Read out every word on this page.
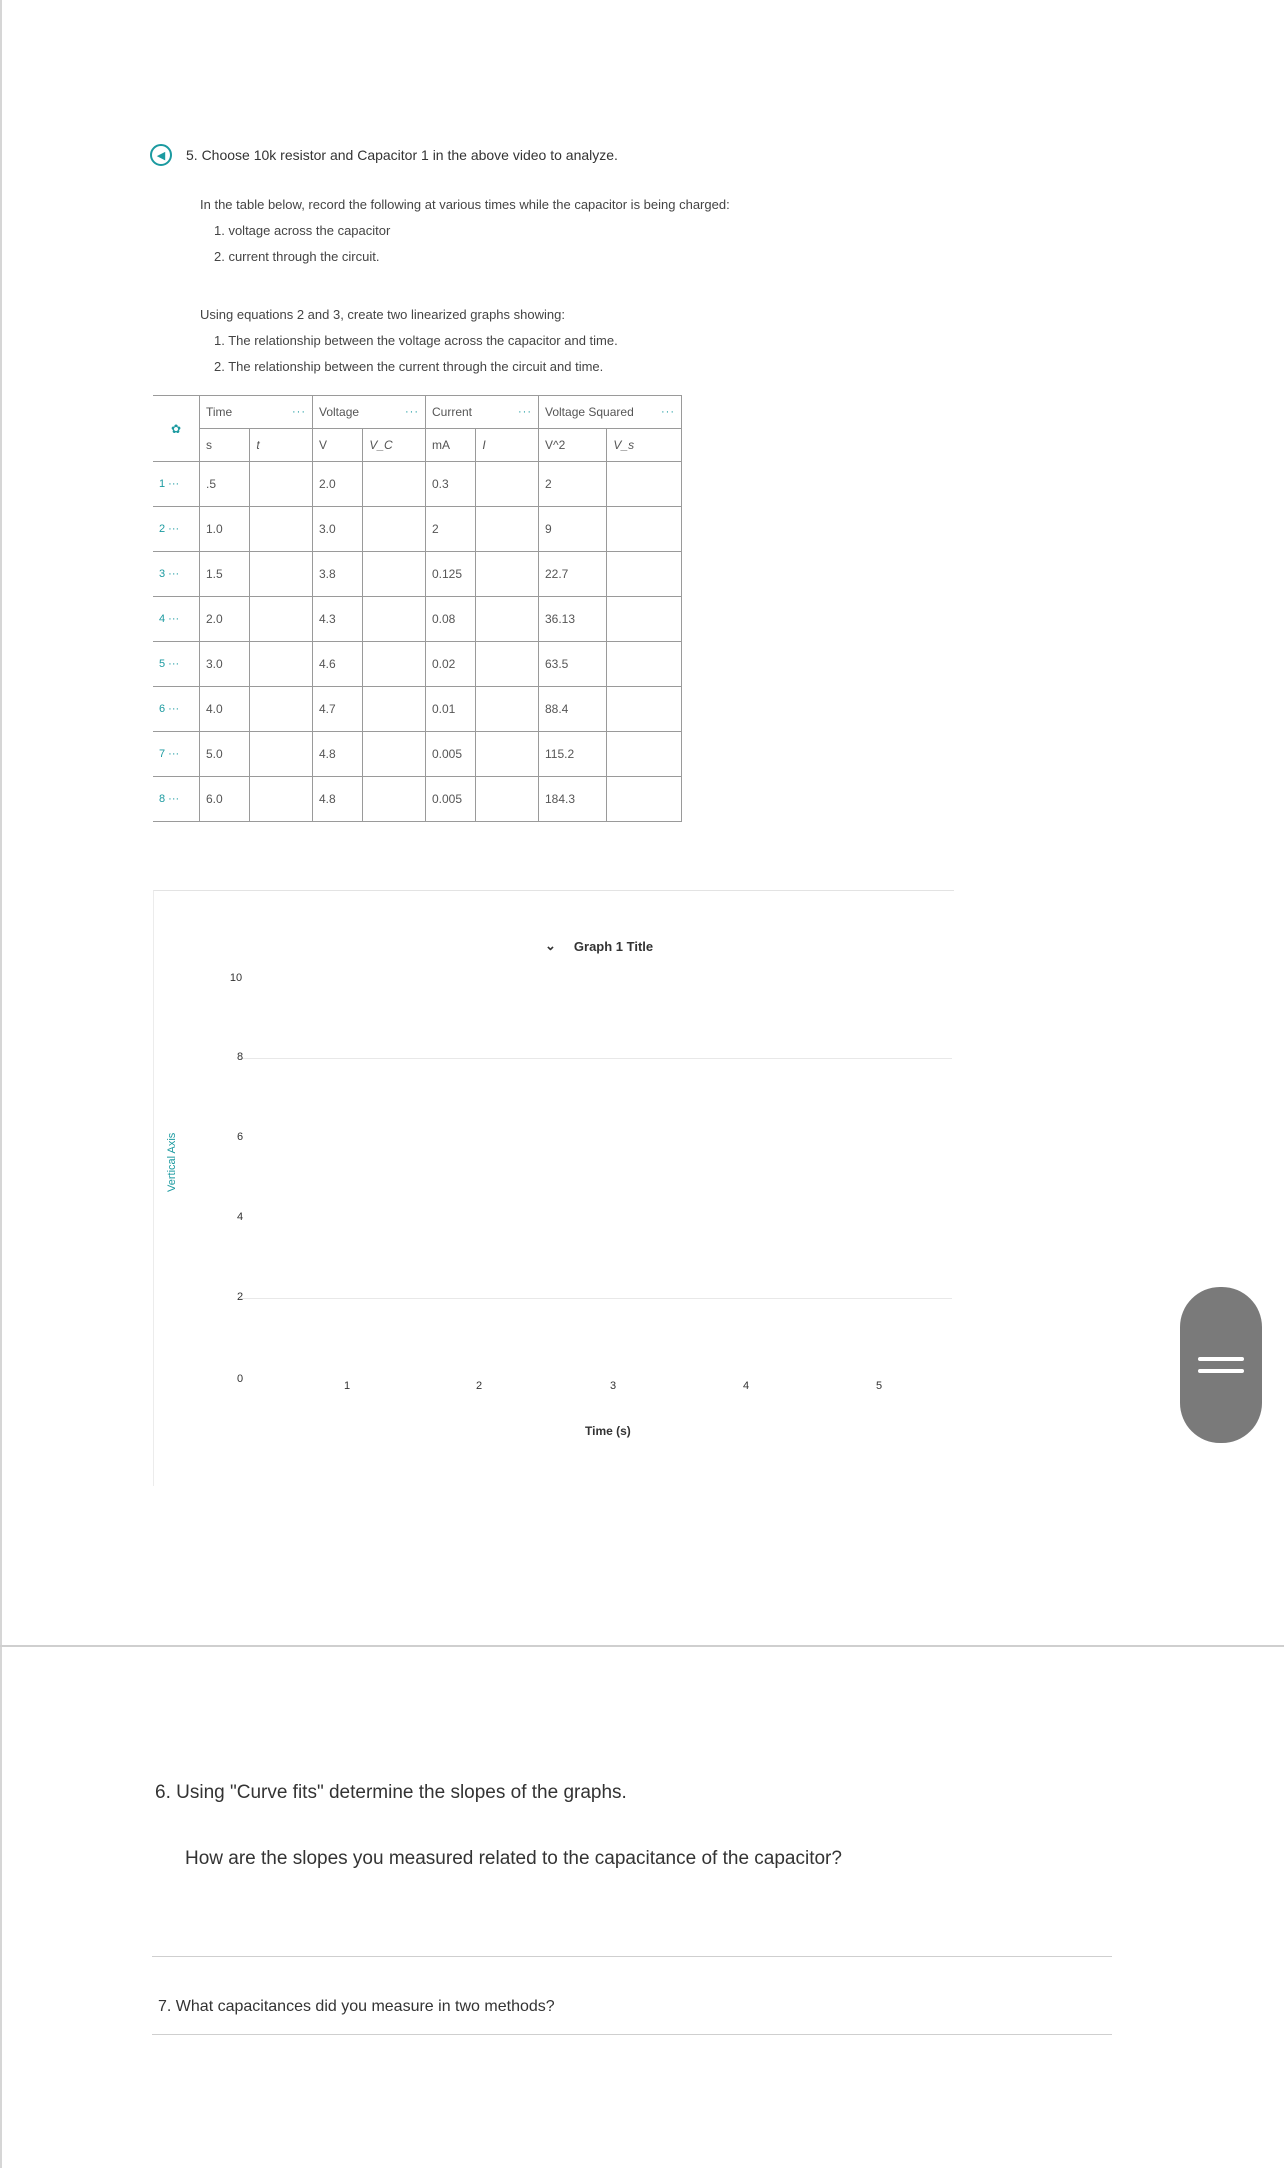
◀	5. Choose 10k resistor and Capacitor 1 in the above video to analyze.
In the table below, record the following at various times while the capacitor is being charged:
1. voltage across the capacitor
2. current through the circuit.
Using equations 2 and 3, create two linearized graphs showing:
1. The relationship between the voltage across the capacitor and time.
2. The relationship between the current through the circuit and time.
✿	Time ···		Voltage ···		Current ···		Voltage Squared ···	

	s	t	V	V_C	mA	I	V^2	V_s
1 ···	.5		2.0		0.3		2	
2 ···	1.0		3.0		2		9	
3 ···	1.5		3.8		0.125		22.7	
4 ···	2.0		4.3		0.08		36.13	
5 ···	3.0		4.6		0.02		63.5	
6 ···	4.0		4.7		0.01		88.4	
7 ···	5.0		4.8		0.005		115.2	
8 ···	6.0		4.8		0.005		184.3	
⌄ Graph 1 Title
10
8
6
4
2
0
1	2	3	4	5
Vertical Axis
Time (s)
6. Using "Curve fits" determine the slopes of the graphs.
How are the slopes you measured related to the capacitance of the capacitor?
7. What capacitances did you measure in two methods?
